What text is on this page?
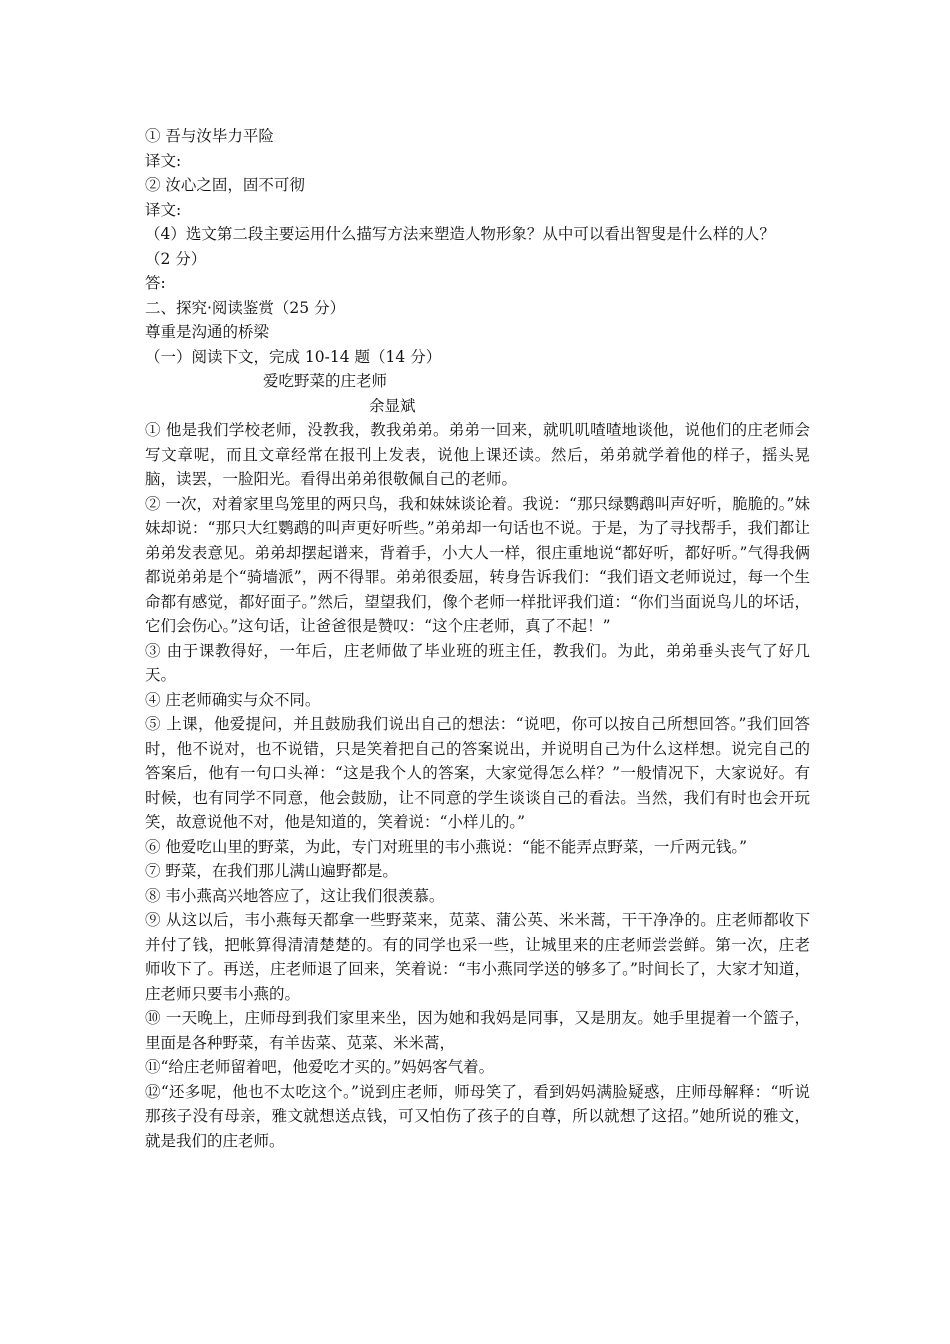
① 吾与汝毕力平险
译文:
② 汝心之固，固不可彻
译文:
（4）选文第二段主要运用什么描写方法来塑造人物形象？从中可以看出智叟是什么样的人？
（2 分）
答:
二、探究·阅读鉴赏（25 分）
尊重是沟通的桥梁
（一）阅读下文，完成 10-14 题（14 分）
爱吃野菜的庄老师
余显斌
① 他是我们学校老师，没教我，教我弟弟。弟弟一回来，就叽叽喳喳地谈他，说他们的庄老师会写文章呢，而且文章经常在报刊上发表，说他上课还读。然后，弟弟就学着他的样子，摇头晃脑，读罢，一脸阳光。看得出弟弟很敬佩自己的老师。
② 一次，对着家里鸟笼里的两只鸟，我和妹妹谈论着。我说：“那只绿鹦鹉叫声好听，脆脆的。”妹妹却说：“那只大红鹦鹉的叫声更好听些。”弟弟却一句话也不说。于是，为了寻找帮手，我们都让弟弟发表意见。弟弟却摆起谱来，背着手，小大人一样，很庄重地说“都好听，都好听。”气得我俩都说弟弟是个“骑墙派”，两不得罪。弟弟很委屈，转身告诉我们：“我们语文老师说过，每一个生命都有感觉，都好面子。”然后，望望我们，像个老师一样批评我们道：“你们当面说鸟儿的坏话，它们会伤心。”这句话，让爸爸很是赞叹：“这个庄老师，真了不起！”
③ 由于课教得好，一年后，庄老师做了毕业班的班主任，教我们。为此，弟弟垂头丧气了好几天。
④ 庄老师确实与众不同。
⑤ 上课，他爱提问，并且鼓励我们说出自己的想法：“说吧，你可以按自己所想回答。”我们回答时，他不说对，也不说错，只是笑着把自己的答案说出，并说明自己为什么这样想。说完自己的答案后，他有一句口头禅：“这是我个人的答案，大家觉得怎么样？”一般情况下，大家说好。有时候，也有同学不同意，他会鼓励，让不同意的学生谈谈自己的看法。当然，我们有时也会开玩笑，故意说他不对，他是知道的，笑着说：“小样儿的。”
⑥ 他爱吃山里的野菜，为此，专门对班里的韦小燕说：“能不能弄点野菜，一斤两元钱。”
⑦ 野菜，在我们那儿满山遍野都是。
⑧ 韦小燕高兴地答应了，这让我们很羡慕。
⑨ 从这以后，韦小燕每天都拿一些野菜来，苋菜、蒲公英、米米蒿，干干净净的。庄老师都收下并付了钱，把帐算得清清楚楚的。有的同学也采一些，让城里来的庄老师尝尝鲜。第一次，庄老师收下了。再送，庄老师退了回来，笑着说：“韦小燕同学送的够多了。”时间长了，大家才知道，庄老师只要韦小燕的。
⑩ 一天晚上，庄师母到我们家里来坐，因为她和我妈是同事，又是朋友。她手里提着一个篮子，里面是各种野菜，有羊齿菜、苋菜、米米蒿，
⑪“给庄老师留着吧，他爱吃才买的。”妈妈客气着。
⑫“还多呢，他也不太吃这个。”说到庄老师，师母笑了，看到妈妈满脸疑惑，庄师母解释：“听说那孩子没有母亲，雅文就想送点钱，可又怕伤了孩子的自尊，所以就想了这招。”她所说的雅文，就是我们的庄老师。
